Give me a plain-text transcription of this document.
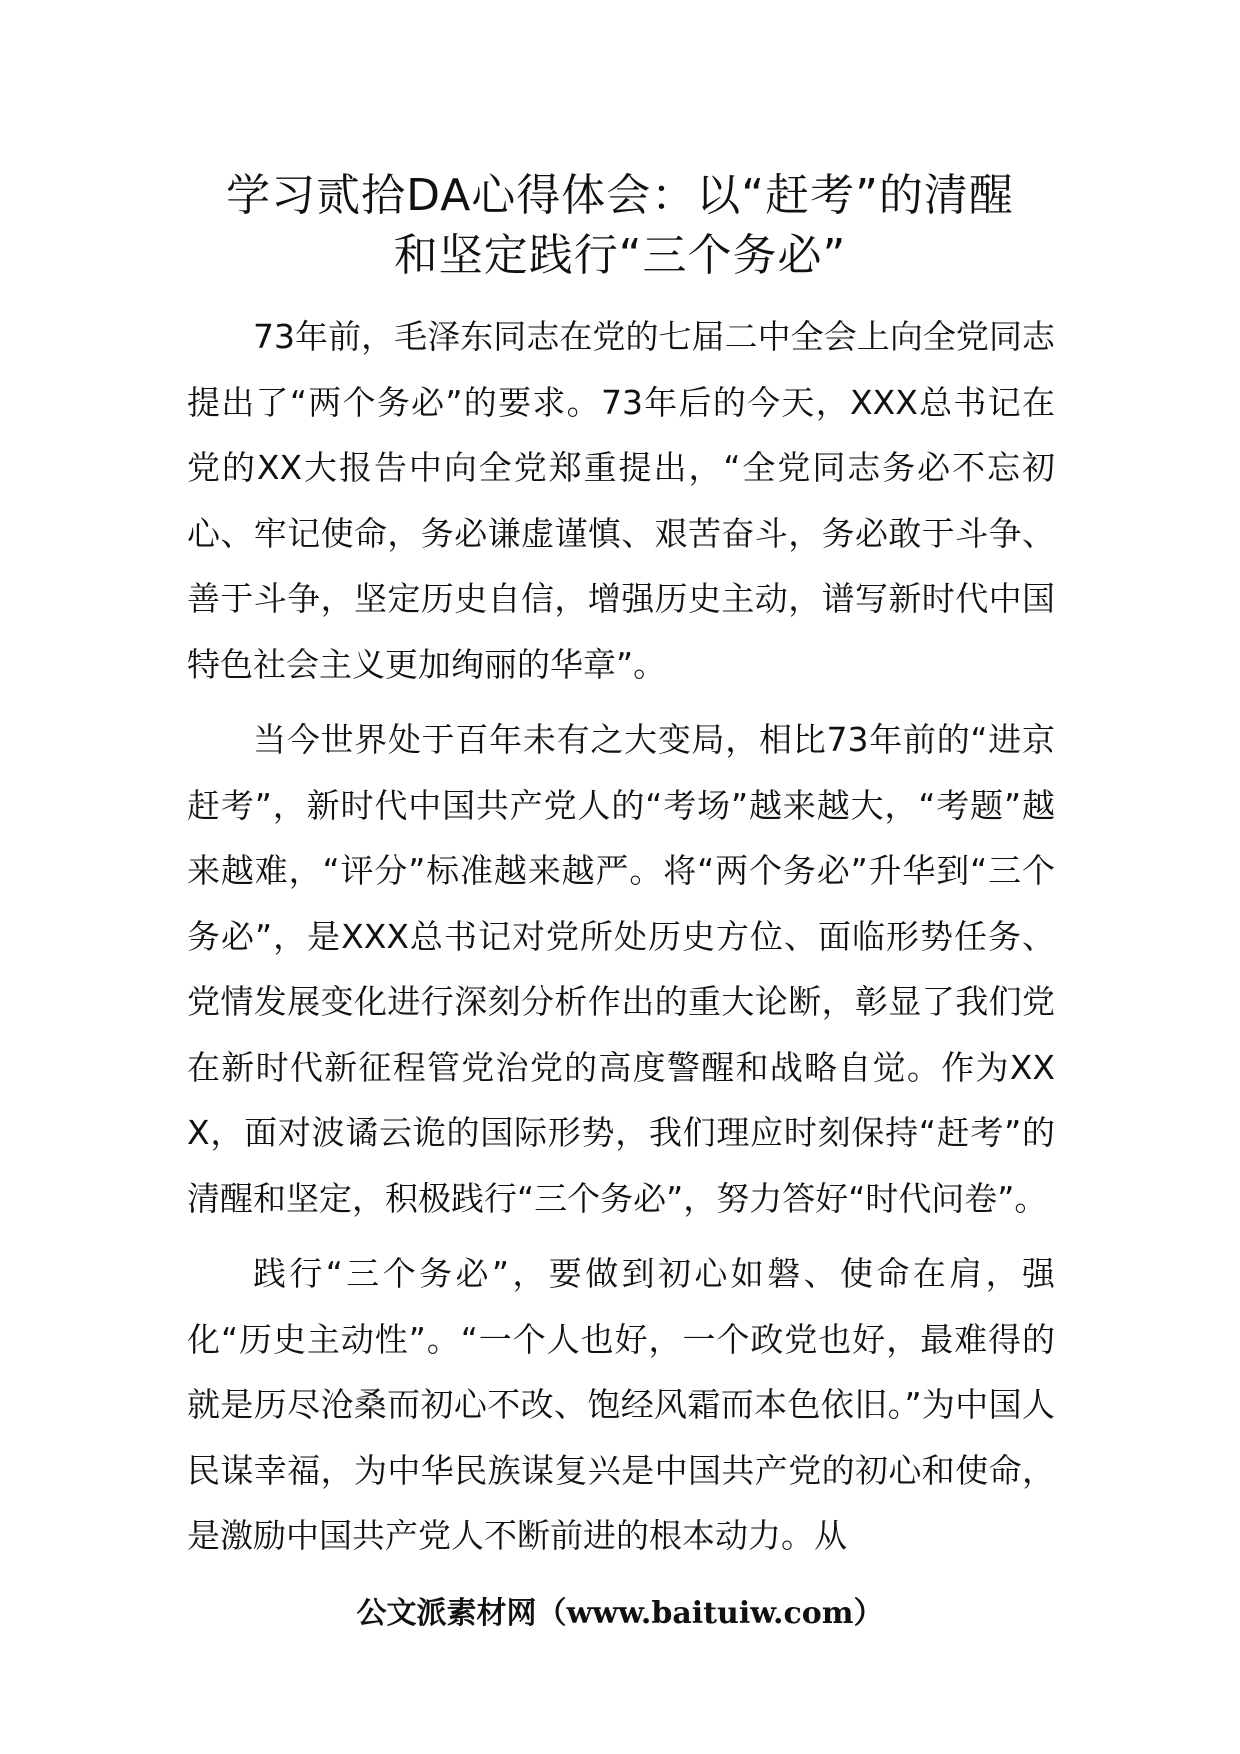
学习贰拾DA心得体会：以“赶考”的清醒
和坚定践行“三个务必”

73年前，毛泽东同志在党的七届二中全会上向全党同志提出了“两个务必”的要求。73年后的今天，XXX总书记在党的XX大报告中向全党郑重提出，“全党同志务必不忘初心、牢记使命，务必谦虚谨慎、艰苦奋斗，务必敢于斗争、善于斗争，坚定历史自信，增强历史主动，谱写新时代中国特色社会主义更加绚丽的华章”。

当今世界处于百年未有之大变局，相比73年前的“进京赶考”，新时代中国共产党人的“考场”越来越大，“考题”越来越难，“评分”标准越来越严。将“两个务必”升华到“三个务必”，是XXX总书记对党所处历史方位、面临形势任务、党情发展变化进行深刻分析作出的重大论断，彰显了我们党在新时代新征程管党治党的高度警醒和战略自觉。作为XXX，面对波谲云诡的国际形势，我们理应时刻保持“赶考”的清醒和坚定，积极践行“三个务必”，努力答好“时代问卷”。

践行“三个务必”，要做到初心如磐、使命在肩，强化“历史主动性”。“一个人也好，一个政党也好，最难得的就是历尽沧桑而初心不改、饱经风霜而本色依旧。”为中国人民谋幸福，为中华民族谋复兴是中国共产党的初心和使命，是激励中国共产党人不断前进的根本动力。从

公文派素材网（www.baituiw.com）
